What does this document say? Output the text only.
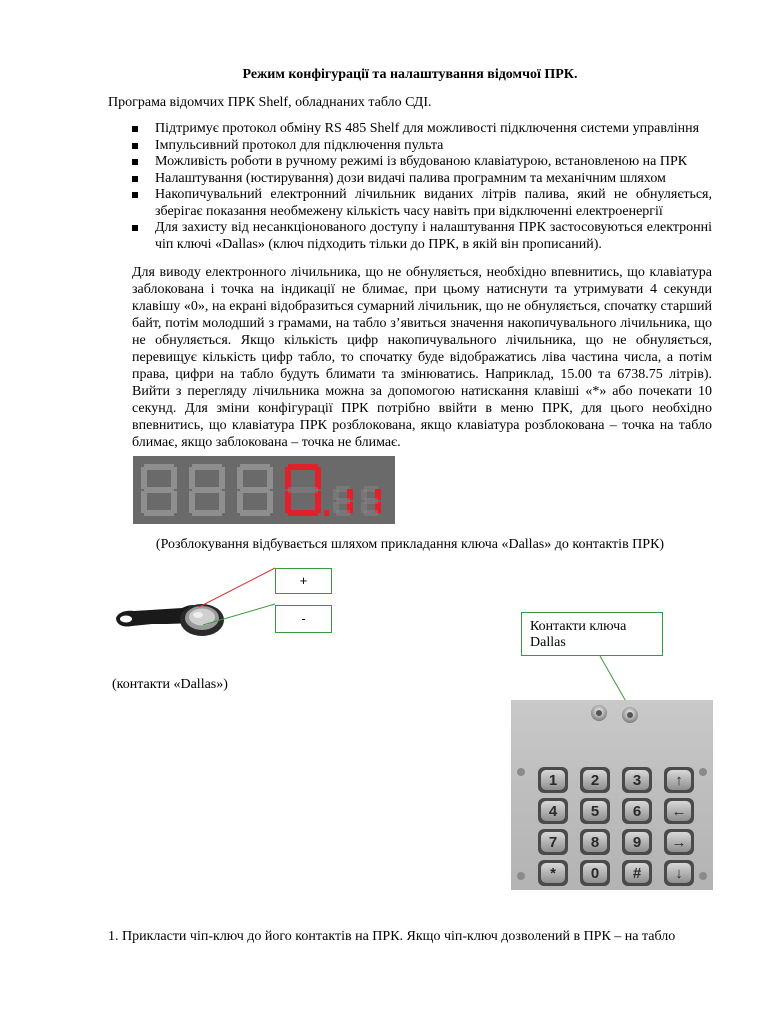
Режим конфігурації та налаштування відомчої ПРК.
Програма відомчих ПРК Shelf, обладнаних табло СДІ.
Підтримує протокол обміну RS 485 Shelf для можливості підключення системи управління
Імпульсивний протокол для підключення пульта
Можливість роботи в ручному режимі із вбудованою клавіатурою, встановленою на ПРК
Налаштування (юстирування) дози видачі палива програмним та механічним шляхом
Накопичувальний електронний лічильник виданих літрів палива, який не обнуляється, зберігає показання необмежену кількість часу навіть при відключенні електроенергії
Для захисту від несанкціонованого доступу і налаштування ПРК застосовуються електронні чіп ключі «Dallas» (ключ підходить тільки до ПРК, в якій він прописаний).
Для виводу електронного лічильника, що не обнуляється, необхідно впевнитись, що клавіатура заблокована і точка на індикації не блимає, при цьому натиснути та утримувати 4 секунди клавішу «0», на екрані відобразиться сумарний лічильник, що не обнуляється, спочатку старший байт, потім молодший з грамами, на табло з’явиться значення накопичувального лічильника, що не обнуляється. Якщо кількість цифр накопичувального лічильника, що не обнуляється, перевищує кількість цифр табло, то спочатку буде відображатись ліва частина числа, а потім права, цифри на табло будуть блимати та змінюватись. Наприклад, 15.00 та 6738.75 літрів). Вийти з перегляду лічильника можна за допомогою натискання клавіші «*» або почекати 10 секунд. Для зміни конфігурації ПРК потрібно ввійти в меню ПРК, для цього необхідно впевнитись, що клавіатура ПРК розблокована, якщо клавіатура розблокована – точка на табло блимає, якщо заблокована – точка не блимає.
(Розблокування відбувається шляхом прикладання ключа «Dallas» до контактів ПРК)
+
-
(контакти «Dallas»)
Контакти ключа Dallas
1 2 3 ↑
4 5 6 ←
7 8 9 →
* 0 # ↓
1. Прикласти чіп-ключ до його контактів на ПРК. Якщо чіп-ключ дозволений в ПРК – на табло
